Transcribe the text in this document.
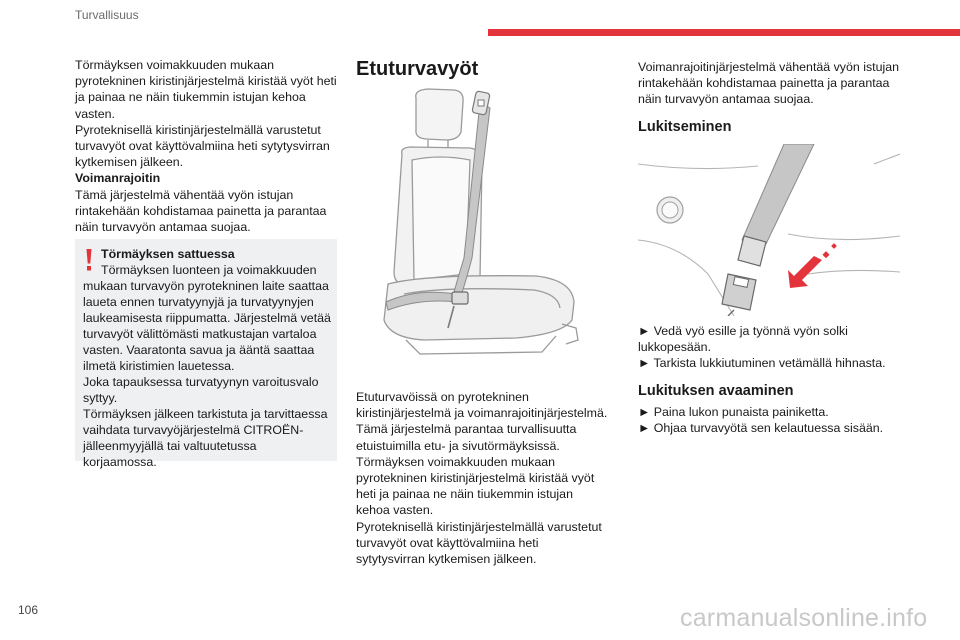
Turvallisuus

Törmäyksen voimakkuuden mukaan pyrotekninen kiristinjärjestelmä kiristää vyöt heti ja painaa ne näin tiukemmin istujan kehoa vasten.

Pyroteknisellä kiristinjärjestelmällä varustetut turvavyöt ovat käyttövalmiina heti sytytysvirran kytkemisen jälkeen.

Voimanrajoitin

Tämä järjestelmä vähentää vyön istujan rintakehään kohdistamaa painetta ja parantaa näin turvavyön antamaa suojaa.

Törmäyksen sattuessa
Törmäyksen luonteen ja voimakkuuden mukaan turvavyön pyrotekninen laite saattaa laueta ennen turvatyynyjä ja turvatyynyjen laukeamisesta riippumatta. Järjestelmä vetää turvavyöt välittömästi matkustajan vartaloa vasten. Vaaratonta savua ja ääntä saattaa ilmetä kiristimien lauetessa.
Joka tapauksessa turvatyynyn varoitusvalo syttyy.
Törmäyksen jälkeen tarkistuta ja tarvittaessa vaihdata turvavyöjärjestelmä CITROËN-jälleenmyyjällä tai valtuutetussa korjaamossa.
Etuturvavyöt

Etuturvavöissä on pyrotekninen kiristinjärjestelmä ja voimanrajoitinjärjestelmä. Tämä järjestelmä parantaa turvallisuutta etuistuimilla etu- ja sivutörmäyksissä.

Törmäyksen voimakkuuden mukaan pyrotekninen kiristinjärjestelmä kiristää vyöt heti ja painaa ne näin tiukemmin istujan kehoa vasten.

Pyroteknisellä kiristinjärjestelmällä varustetut turvavyöt ovat käyttövalmiina heti sytytysvirran kytkemisen jälkeen.

Voimanrajoitinjärjestelmä vähentää vyön istujan rintakehään kohdistamaa painetta ja parantaa näin turvavyön antamaa suojaa.

Lukitseminen

► Vedä vyö esille ja työnnä vyön solki lukkopesään.

► Tarkista lukkiutuminen vetämällä hihnasta.

Lukituksen avaaminen

► Paina lukon punaista painiketta.

► Ohjaa turvavyötä sen kelautuessa sisään.

106	carmanualsonline.info
